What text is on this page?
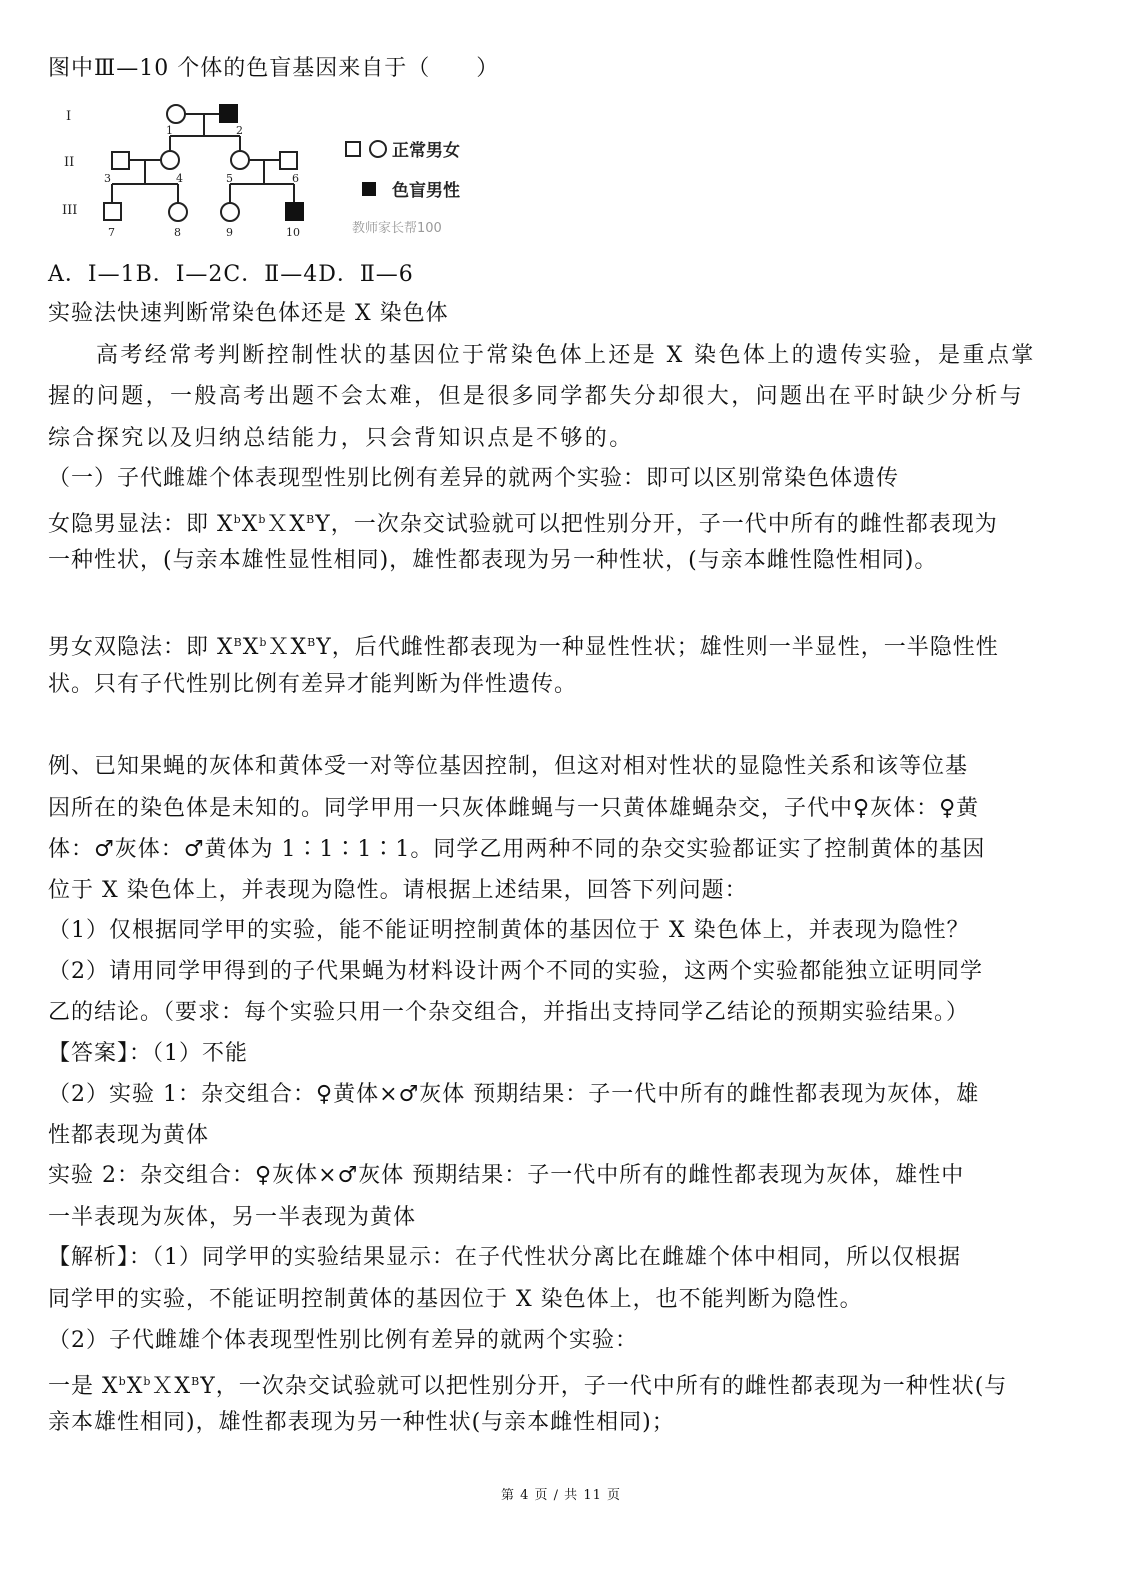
图中Ⅲ—10 个体的色盲基因来自于（　　）
I
II
III
1	2
3	4	5	6
7	8	9	10
正常男女
色盲男性
教师家长帮100
A．Ⅰ—1B．Ⅰ—2C．Ⅱ—4D．Ⅱ—6
实验法快速判断常染色体还是 X 染色体
高考经常考判断控制性状的基因位于常染色体上还是 X 染色体上的遗传实验，是重点掌
握的问题，一般高考出题不会太难，但是很多同学都失分却很大，问题出在平时缺少分析与
综合探究以及归纳总结能力，只会背知识点是不够的。
（一）子代雌雄个体表现型性别比例有差异的就两个实验：即可以区别常染色体遗传
女隐男显法：即 $X^bX^bXX^BY$，一次杂交试验就可以把性别分开，子一代中所有的雌性都表现为
一种性状，(与亲本雄性显性相同)，雄性都表现为另一种性状，(与亲本雌性隐性相同)。
男女双隐法：即 $X^BX^bXX^BY$，后代雌性都表现为一种显性性状；雄性则一半显性，一半隐性性
状。只有子代性别比例有差异才能判断为伴性遗传。
例、已知果蝇的灰体和黄体受一对等位基因控制，但这对相对性状的显隐性关系和该等位基
因所在的染色体是未知的。同学甲用一只灰体雌蝇与一只黄体雄蝇杂交，子代中♀灰体：♀黄
体：♂灰体：♂黄体为 1∶1∶1∶1。同学乙用两种不同的杂交实验都证实了控制黄体的基因
位于 X 染色体上，并表现为隐性。请根据上述结果，回答下列问题：
（1）仅根据同学甲的实验，能不能证明控制黄体的基因位于 X 染色体上，并表现为隐性？
（2）请用同学甲得到的子代果蝇为材料设计两个不同的实验，这两个实验都能独立证明同学
乙的结论。（要求：每个实验只用一个杂交组合，并指出支持同学乙结论的预期实验结果。）
【答案】：（1）不能
（2）实验 1：杂交组合：♀黄体×♂灰体 预期结果：子一代中所有的雌性都表现为灰体，雄
性都表现为黄体
实验 2：杂交组合：♀灰体×♂灰体 预期结果：子一代中所有的雌性都表现为灰体，雄性中
一半表现为灰体，另一半表现为黄体
【解析】：（1）同学甲的实验结果显示：在子代性状分离比在雌雄个体中相同，所以仅根据
同学甲的实验，不能证明控制黄体的基因位于 X 染色体上，也不能判断为隐性。
（2）子代雌雄个体表现型性别比例有差异的就两个实验：
一是 $X^bX^bXX^BY$，一次杂交试验就可以把性别分开，子一代中所有的雌性都表现为一种性状(与
亲本雄性相同)，雄性都表现为另一种性状(与亲本雌性相同)；
第 4 页 / 共 11 页
